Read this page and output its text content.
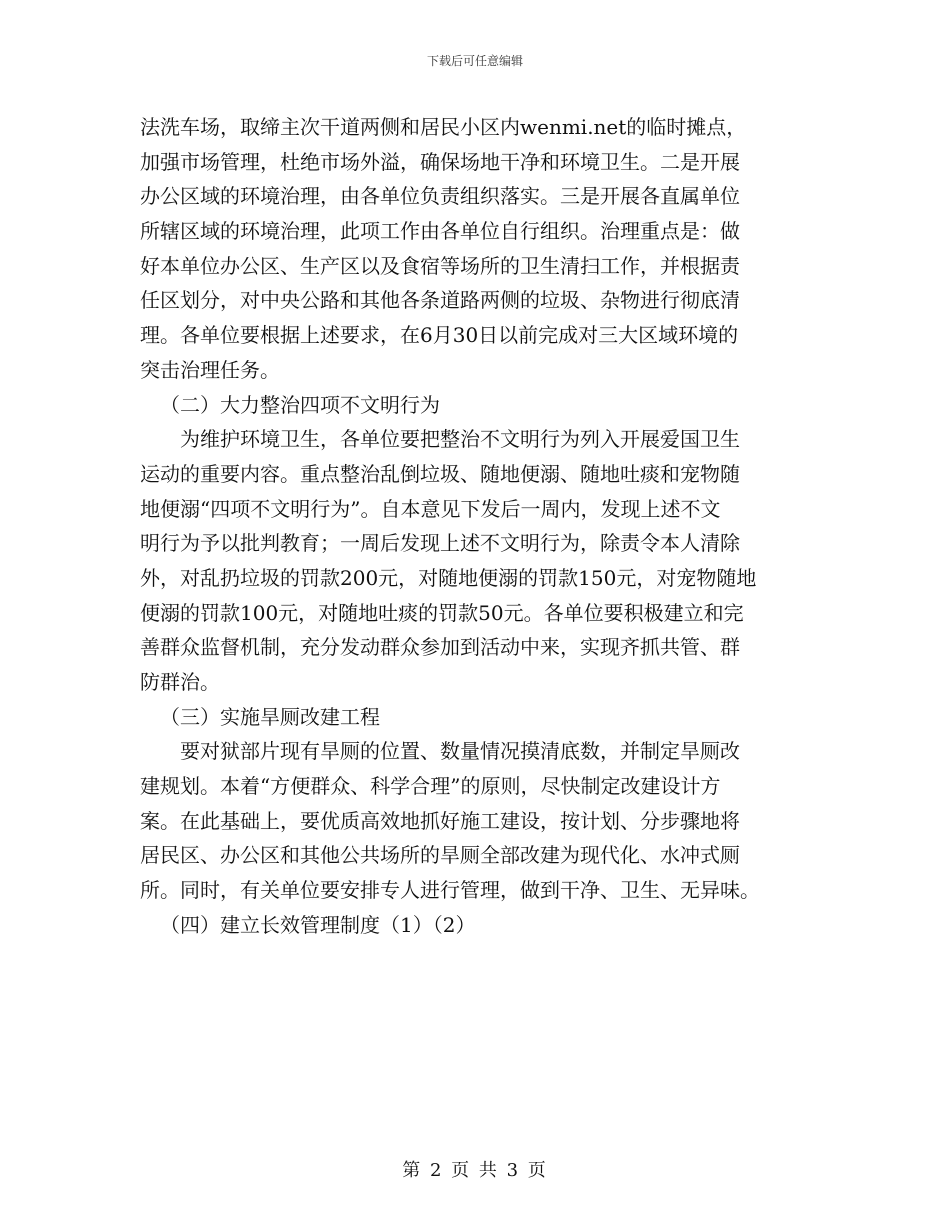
下载后可任意编辑
法洗车场，取缔主次干道两侧和居民小区内wenmi.net的临时摊点，
加强市场管理，杜绝市场外溢，确保场地干净和环境卫生。二是开展
办公区域的环境治理，由各单位负责组织落实。三是开展各直属单位
所辖区域的环境治理，此项工作由各单位自行组织。治理重点是：做
好本单位办公区、生产区以及食宿等场所的卫生清扫工作，并根据责
任区划分，对中央公路和其他各条道路两侧的垃圾、杂物进行彻底清
理。各单位要根据上述要求，在6月30日以前完成对三大区域环境的
突击治理任务。
（二）大力整治四项不文明行为
为维护环境卫生，各单位要把整治不文明行为列入开展爱国卫生
运动的重要内容。重点整治乱倒垃圾、随地便溺、随地吐痰和宠物随
地便溺“四项不文明行为”。自本意见下发后一周内，发现上述不文
明行为予以批判教育；一周后发现上述不文明行为，除责令本人清除
外，对乱扔垃圾的罚款200元，对随地便溺的罚款150元，对宠物随地
便溺的罚款100元，对随地吐痰的罚款50元。各单位要积极建立和完
善群众监督机制，充分发动群众参加到活动中来，实现齐抓共管、群
防群治。
（三）实施旱厕改建工程
要对狱部片现有旱厕的位置、数量情况摸清底数，并制定旱厕改
建规划。本着“方便群众、科学合理”的原则，尽快制定改建设计方
案。在此基础上，要优质高效地抓好施工建设，按计划、分步骤地将
居民区、办公区和其他公共场所的旱厕全部改建为现代化、水冲式厕
所。同时，有关单位要安排专人进行管理，做到干净、卫生、无异味。
（四）建立长效管理制度（1）（2）
第 2 页 共 3 页
